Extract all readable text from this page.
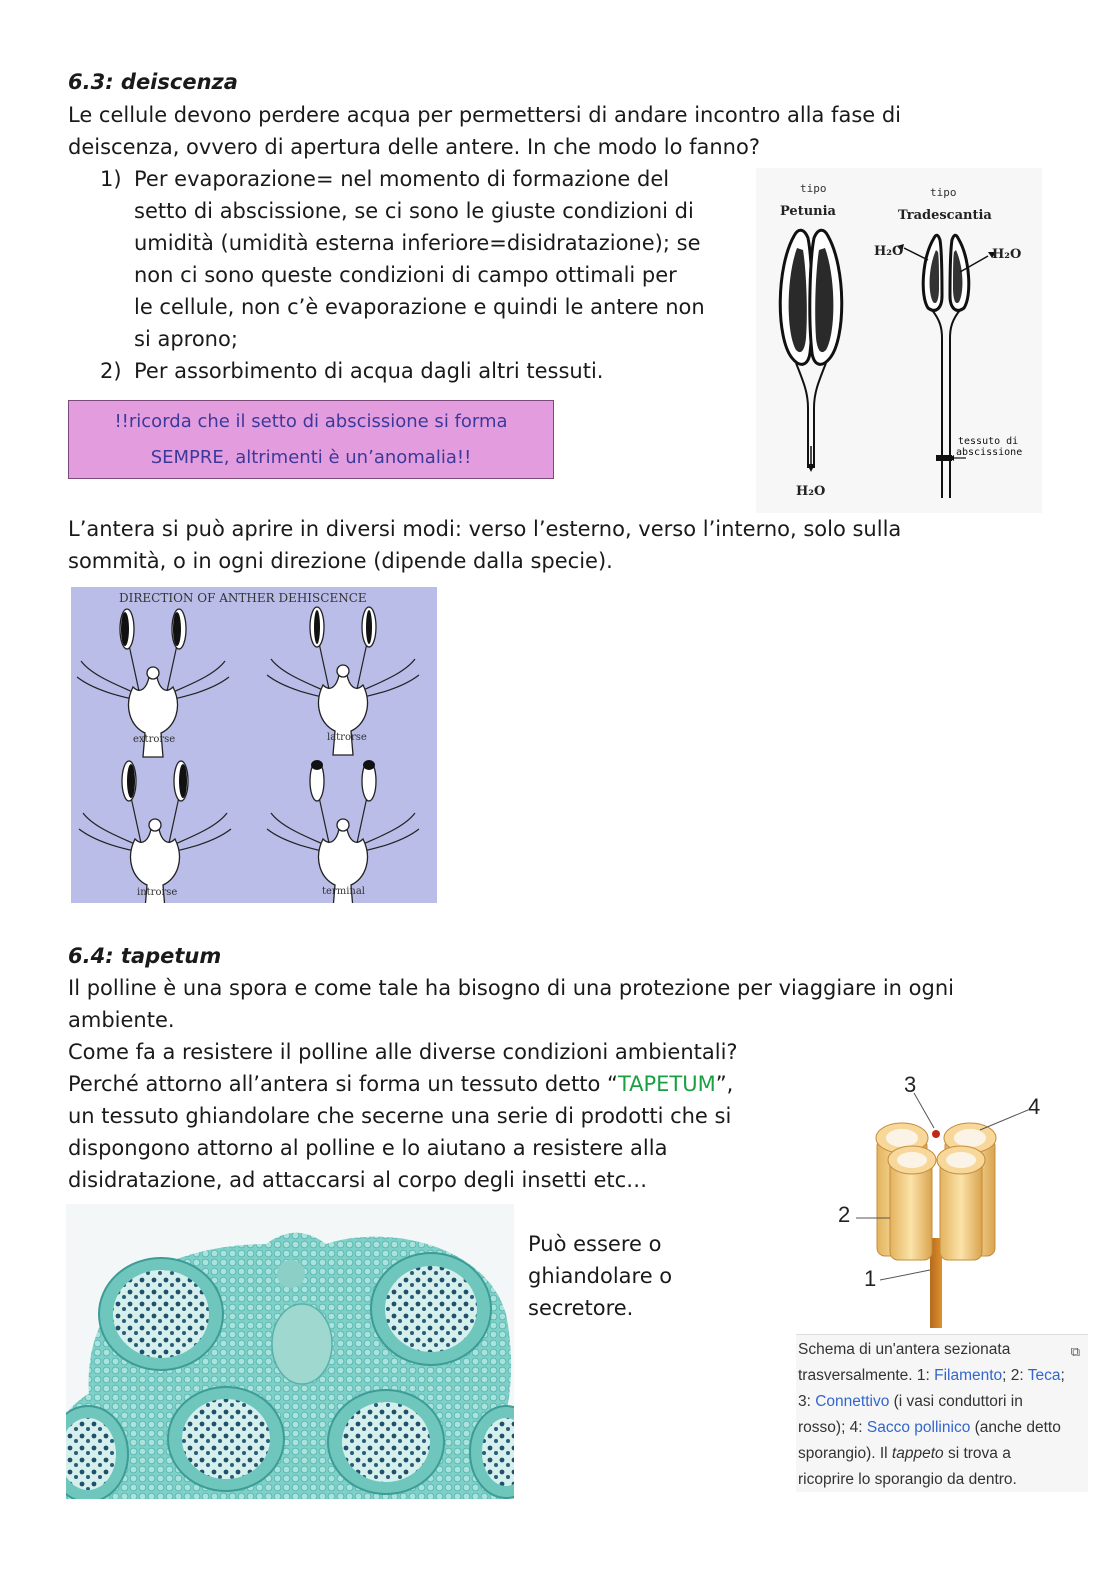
6.3: deiscenza
Le cellule devono perdere acqua per permettersi di andare incontro alla fase di
deiscenza, ovvero di apertura delle antere. In che modo lo fanno?
1) Per evaporazione= nel momento di formazione del
setto di abscissione, se ci sono le giuste condizioni di
umidità (umidità esterna inferiore=disidratazione); se
non ci sono queste condizioni di campo ottimali per
le cellule, non c’è evaporazione e quindi le antere non
si aprono;
2) Per assorbimento di acqua dagli altri tessuti.
!!ricorda che il setto di abscissione si forma
SEMPRE, altrimenti è un’anomalia!!
tipo
Petunia
tipo
Tradescantia
H₂O
H₂O	H₂O
tessuto di
abscissione
L’antera si può aprire in diversi modi: verso l’esterno, verso l’interno, solo sulla
sommità, o in ogni direzione (dipende dalla specie).
DIRECTION OF ANTHER DEHISCENCE
extrorse	latrorse
introrse	terminal
6.4: tapetum
Il polline è una spora e come tale ha bisogno di una protezione per viaggiare in ogni
ambiente.
Come fa a resistere il polline alle diverse condizioni ambientali?
Perché attorno all’antera si forma un tessuto detto “TAPETUM”,
un tessuto ghiandolare che secerne una serie di prodotti che si
dispongono attorno al polline e lo aiutano a resistere alla
disidratazione, ad attaccarsi al corpo degli insetti etc…
Può essere o
ghiandolare o
secretore.
3
4
2
1
⧉
Schema di un'antera sezionata
trasversalmente. 1: Filamento; 2: Teca;
3: Connettivo (i vasi conduttori in
rosso); 4: Sacco pollinico (anche detto
sporangio). Il tappeto si trova a
ricoprire lo sporangio da dentro.
